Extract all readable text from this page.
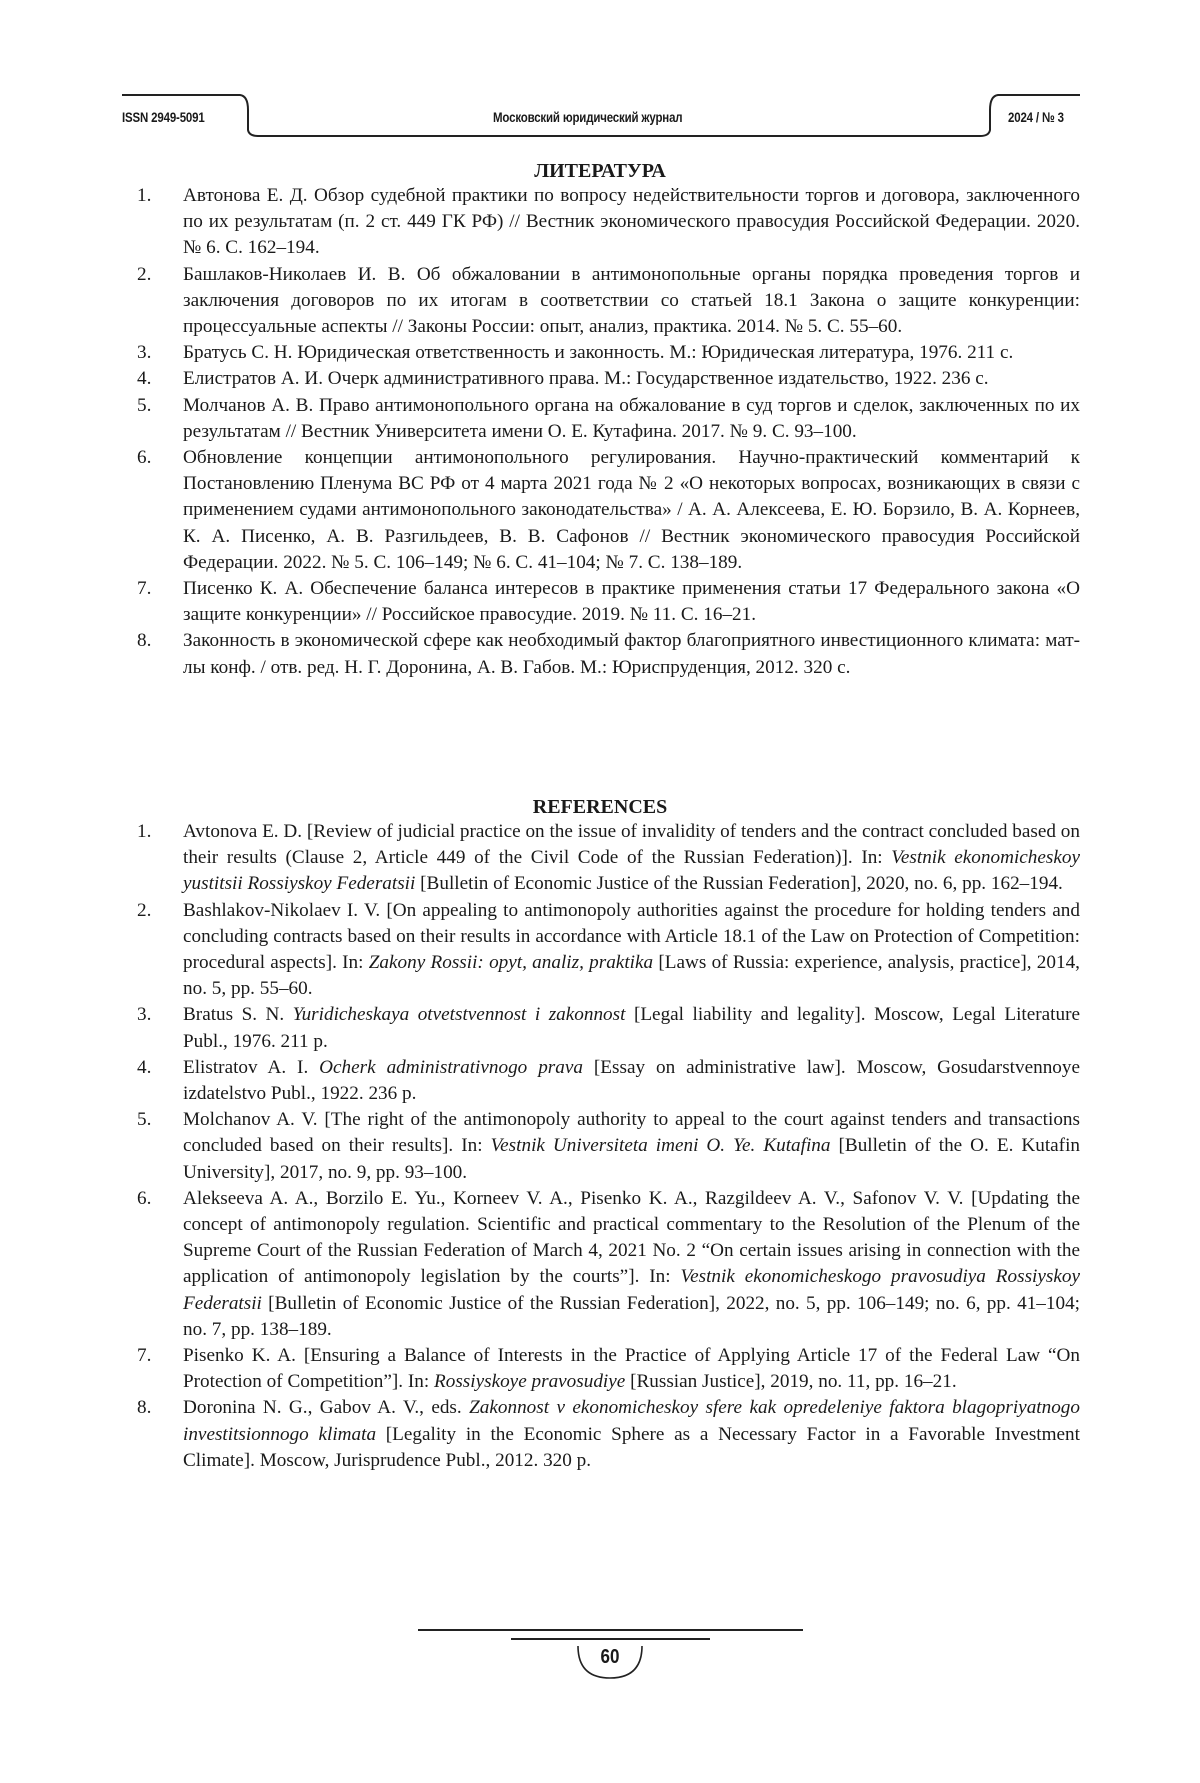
ISSN 2949-5091	Московский юридический журнал	2024 / № 3
ЛИТЕРАТУРА
1. Автонова Е. Д. Обзор судебной практики по вопросу недействительности торгов и договора, заключенного по их результатам (п. 2 ст. 449 ГК РФ) // Вестник экономического правосудия Российской Федерации. 2020. № 6. С. 162–194.
2. Башлаков-Николаев И. В. Об обжаловании в антимонопольные органы порядка проведения торгов и заключения договоров по их итогам в соответствии со статьей 18.1 Закона о защите конкуренции: процессуальные аспекты // Законы России: опыт, анализ, практика. 2014. № 5. С. 55–60.
3. Братусь С. Н. Юридическая ответственность и законность. М.: Юридическая литература, 1976. 211 с.
4. Елистратов А. И. Очерк административного права. М.: Государственное издательство, 1922. 236 с.
5. Молчанов А. В. Право антимонопольного органа на обжалование в суд торгов и сделок, заключенных по их результатам // Вестник Университета имени О. Е. Кутафина. 2017. № 9. С. 93–100.
6. Обновление концепции антимонопольного регулирования. Научно-практический комментарий к Постановлению Пленума ВС РФ от 4 марта 2021 года № 2 «О некоторых вопросах, возникающих в связи с применением судами антимонопольного законодательства» / А. А. Алексеева, Е. Ю. Борзило, В. А. Корнеев, К. А. Писенко, А. В. Разгильдеев, В. В. Сафонов // Вестник экономического правосудия Российской Федерации. 2022. № 5. С. 106–149; № 6. С. 41–104; № 7. С. 138–189.
7. Писенко К. А. Обеспечение баланса интересов в практике применения статьи 17 Федерального закона «О защите конкуренции» // Российское правосудие. 2019. № 11. С. 16–21.
8. Законность в экономической сфере как необходимый фактор благоприятного инвестиционного климата: мат-лы конф. / отв. ред. Н. Г. Доронина, А. В. Габов. М.: Юриспруденция, 2012. 320 с.
REFERENCES
1. Avtonova E. D. [Review of judicial practice on the issue of invalidity of tenders and the contract concluded based on their results (Clause 2, Article 449 of the Civil Code of the Russian Federation)]. In: Vestnik ekonomicheskoy yustitsii Rossiyskoy Federatsii [Bulletin of Economic Justice of the Russian Federation], 2020, no. 6, pp. 162–194.
2. Bashlakov-Nikolaev I. V. [On appealing to antimonopoly authorities against the procedure for holding tenders and concluding contracts based on their results in accordance with Article 18.1 of the Law on Protection of Competition: procedural aspects]. In: Zakony Rossii: opyt, analiz, praktika [Laws of Russia: experience, analysis, practice], 2014, no. 5, pp. 55–60.
3. Bratus S. N. Yuridicheskaya otvetstvennost i zakonnost [Legal liability and legality]. Moscow, Legal Literature Publ., 1976. 211 p.
4. Elistratov A. I. Ocherk administrativnogo prava [Essay on administrative law]. Moscow, Gosudarstvennoye izdatelstvo Publ., 1922. 236 p.
5. Molchanov A. V. [The right of the antimonopoly authority to appeal to the court against tenders and transactions concluded based on their results]. In: Vestnik Universiteta imeni O. Ye. Kutafina [Bulletin of the O. E. Kutafin University], 2017, no. 9, pp. 93–100.
6. Alekseeva A. A., Borzilo E. Yu., Korneev V. A., Pisenko K. A., Razgildeev A. V., Safonov V. V. [Updating the concept of antimonopoly regulation. Scientific and practical commentary to the Resolution of the Plenum of the Supreme Court of the Russian Federation of March 4, 2021 No. 2 “On certain issues arising in connection with the application of antimonopoly legislation by the courts”]. In: Vestnik ekonomicheskogo pravosudiya Rossiyskoy Federatsii [Bulletin of Economic Justice of the Russian Federation], 2022, no. 5, pp. 106–149; no. 6, pp. 41–104; no. 7, pp. 138–189.
7. Pisenko K. A. [Ensuring a Balance of Interests in the Practice of Applying Article 17 of the Federal Law “On Protection of Competition”]. In: Rossiyskoye pravosudiye [Russian Justice], 2019, no. 11, pp. 16–21.
8. Doronina N. G., Gabov A. V., eds. Zakonnost v ekonomicheskoy sfere kak opredeleniye faktora blagopriyatnogo investitsionnogo klimata [Legality in the Economic Sphere as a Necessary Factor in a Favorable Investment Climate]. Moscow, Jurisprudence Publ., 2012. 320 p.
60
